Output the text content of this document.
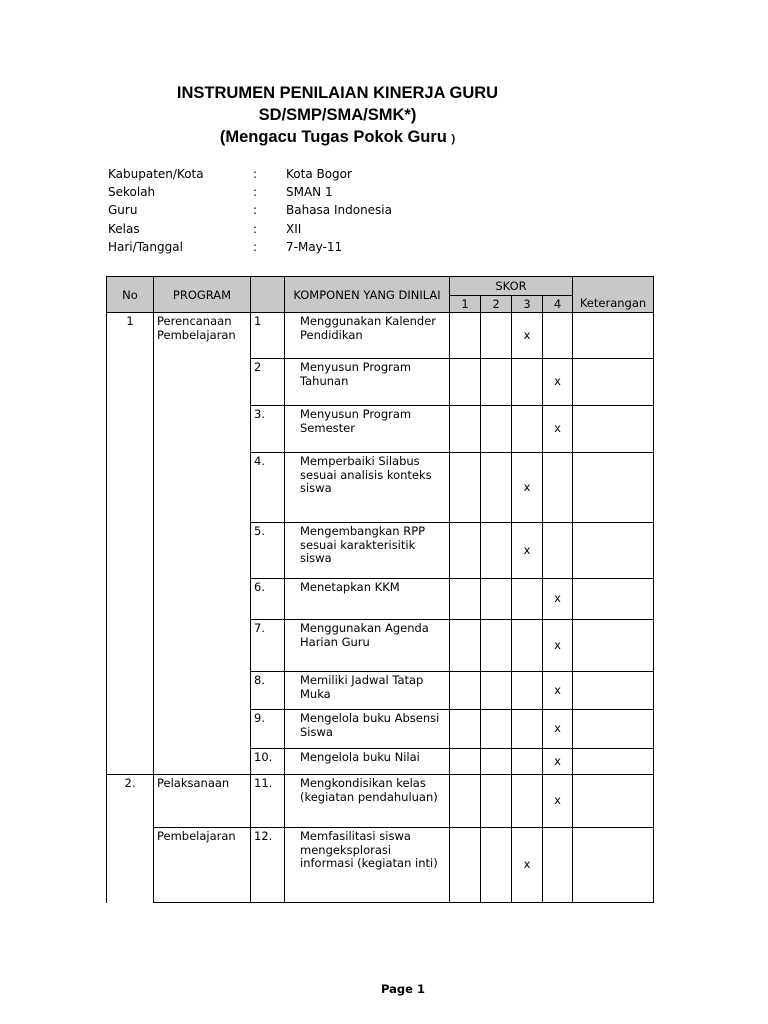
INSTRUMEN PENILAIAN KINERJA GURU
SD/SMP/SMA/SMK*)
(Mengacu Tugas Pokok Guru )
Kabupaten/Kota	: Kota Bogor
Sekolah	: SMAN 1
Guru	: Bahasa Indonesia
Kelas	: XII
Hari/Tanggal	: 7-May-11
No	PROGRAM		KOMPONEN YANG DINILAI	SKOR				Keterangan
				1	2	3	4	
1	Perencanaan Pembelajaran	1	Menggunakan Kalender Pendidikan			x		
		2	Menyusun Program Tahunan				x	
		3.	Menyusun Program Semester				x	
		4.	Memperbaiki Silabus sesuai analisis konteks siswa			x		
		5.	Mengembangkan RPP sesuai karakterisitik siswa			x		
		6.	Menetapkan KKM				x	
		7.	Menggunakan Agenda Harian Guru				x	
		8.	Memiliki Jadwal Tatap Muka				x	
		9.	Mengelola buku Absensi Siswa				x	
		10.	Mengelola buku Nilai				x	
2.	Pelaksanaan	11.	Mengkondisikan kelas (kegiatan pendahuluan)				x	
	Pembelajaran	12.	Memfasilitasi siswa mengeksplorasi informasi (kegiatan inti)			x		
Page 1
